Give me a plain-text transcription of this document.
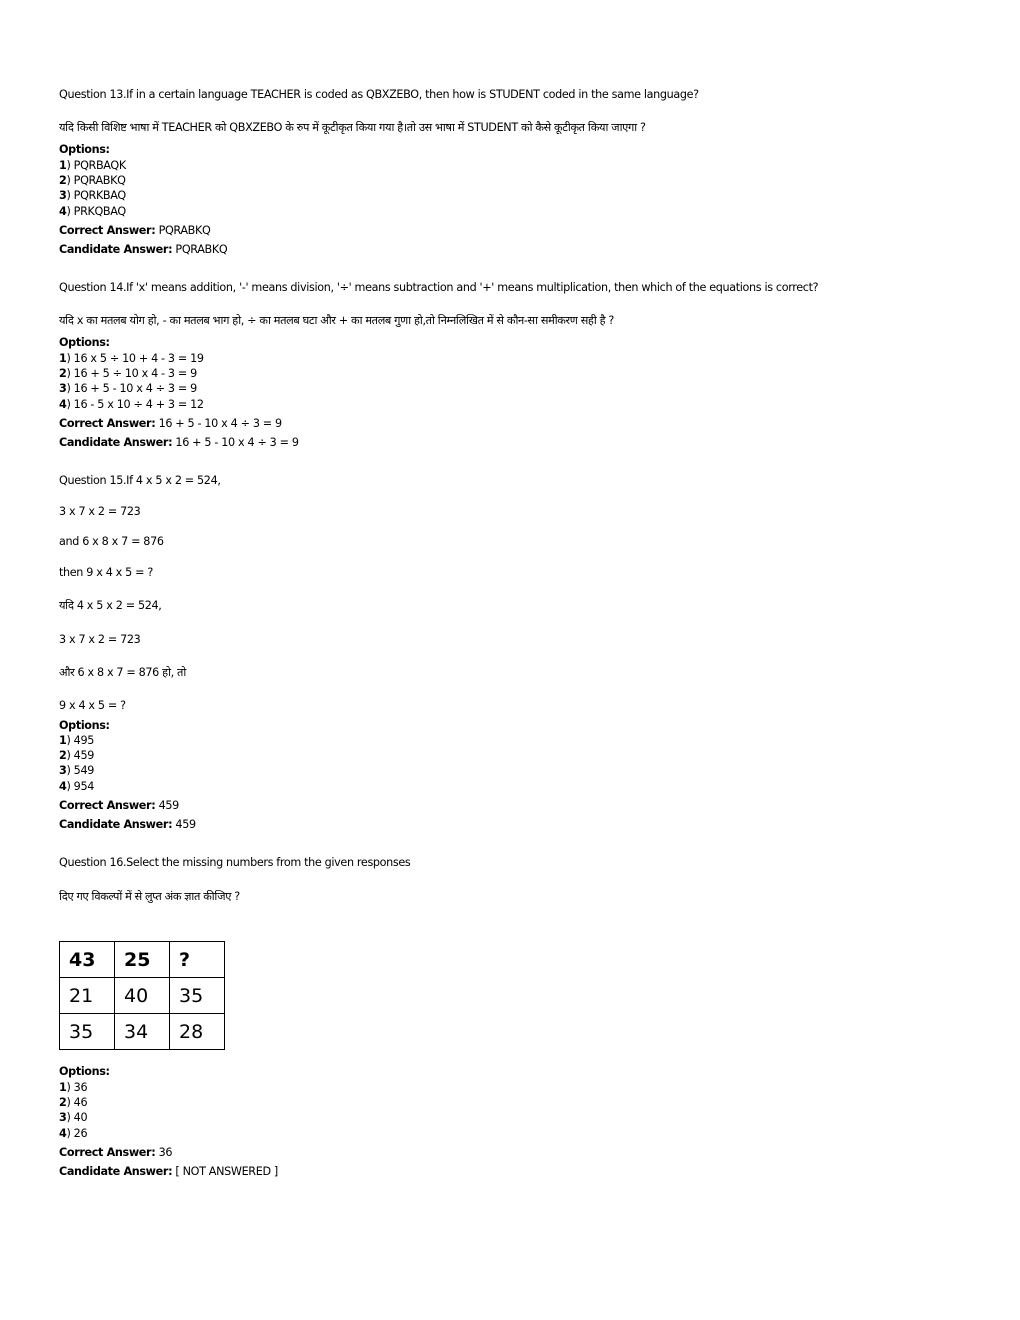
Question 13.If in a certain language TEACHER is coded as QBXZEBO, then how is STUDENT coded in the same language?
यदि किसी विशिष्ट भाषा में TEACHER को QBXZEBO के रुप में कूटीकृत किया गया है।तो उस भाषा में STUDENT को कैसे कूटीकृत किया जाएगा ?
Options:
1) PQRBAQK
2) PQRABKQ
3) PQRKBAQ
4) PRKQBAQ
Correct Answer: PQRABKQ
Candidate Answer: PQRABKQ
Question 14.If 'x' means addition, '-' means division, '÷' means subtraction and '+' means multiplication, then which of the equations is correct?
यदि x का मतलब योग हो, - का मतलब भाग हो, ÷ का मतलब घटा और + का मतलब गुणा हो,तो निम्नलिखित में से कौन-सा समीकरण सही है ?
Options:
1) 16 x 5 ÷ 10 + 4 - 3 = 19
2) 16 + 5 ÷ 10 x 4 - 3 = 9
3) 16 + 5 - 10 x 4 ÷ 3 = 9
4) 16 - 5 x 10 ÷ 4 + 3 = 12
Correct Answer: 16 + 5 - 10 x 4 ÷ 3 = 9
Candidate Answer: 16 + 5 - 10 x 4 ÷ 3 = 9
Question 15.If 4 x 5 x 2 = 524,
3 x 7 x 2 = 723
and 6 x 8 x 7 = 876
then 9 x 4 x 5 = ?
यदि 4 x 5 x 2 = 524,
3 x 7 x 2 = 723
और 6 x 8 x 7 = 876 हो, तो
9 x 4 x 5 = ?
Options:
1) 495
2) 459
3) 549
4) 954
Correct Answer: 459
Candidate Answer: 459
Question 16.Select the missing numbers from the given responses
दिए गए विकल्पों में से लुप्त अंक ज्ञात कीजिए ?
43	25	?
21	40	35
35	34	28
Options:
1) 36
2) 46
3) 40
4) 26
Correct Answer: 36
Candidate Answer: [ NOT ANSWERED ]
